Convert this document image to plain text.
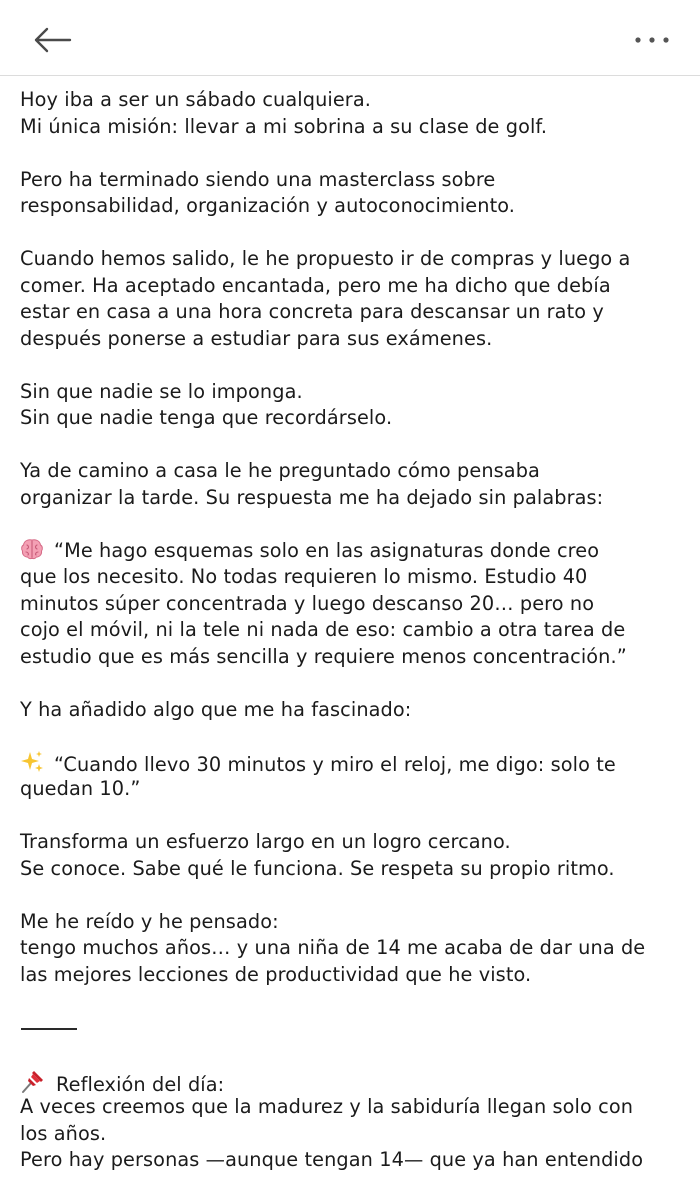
Hoy iba a ser un sábado cualquiera.
Mi única misión: llevar a mi sobrina a su clase de golf.
Pero ha terminado siendo una masterclass sobre
responsabilidad, organización y autoconocimiento.
Cuando hemos salido, le he propuesto ir de compras y luego a
comer. Ha aceptado encantada, pero me ha dicho que debía
estar en casa a una hora concreta para descansar un rato y
después ponerse a estudiar para sus exámenes.
Sin que nadie se lo imponga.
Sin que nadie tenga que recordárselo.
Ya de camino a casa le he preguntado cómo pensaba
organizar la tarde. Su respuesta me ha dejado sin palabras:
“Me hago esquemas solo en las asignaturas donde creo
que los necesito. No todas requieren lo mismo. Estudio 40
minutos súper concentrada y luego descanso 20… pero no
cojo el móvil, ni la tele ni nada de eso: cambio a otra tarea de
estudio que es más sencilla y requiere menos concentración.”
Y ha añadido algo que me ha fascinado:
“Cuando llevo 30 minutos y miro el reloj, me digo: solo te
quedan 10.”
Transforma un esfuerzo largo en un logro cercano.
Se conoce. Sabe qué le funciona. Se respeta su propio ritmo.
Me he reído y he pensado:
tengo muchos años… y una niña de 14 me acaba de dar una de
las mejores lecciones de productividad que he visto.
Reflexión del día:
A veces creemos que la madurez y la sabiduría llegan solo con
los años.
Pero hay personas —aunque tengan 14— que ya han entendido
